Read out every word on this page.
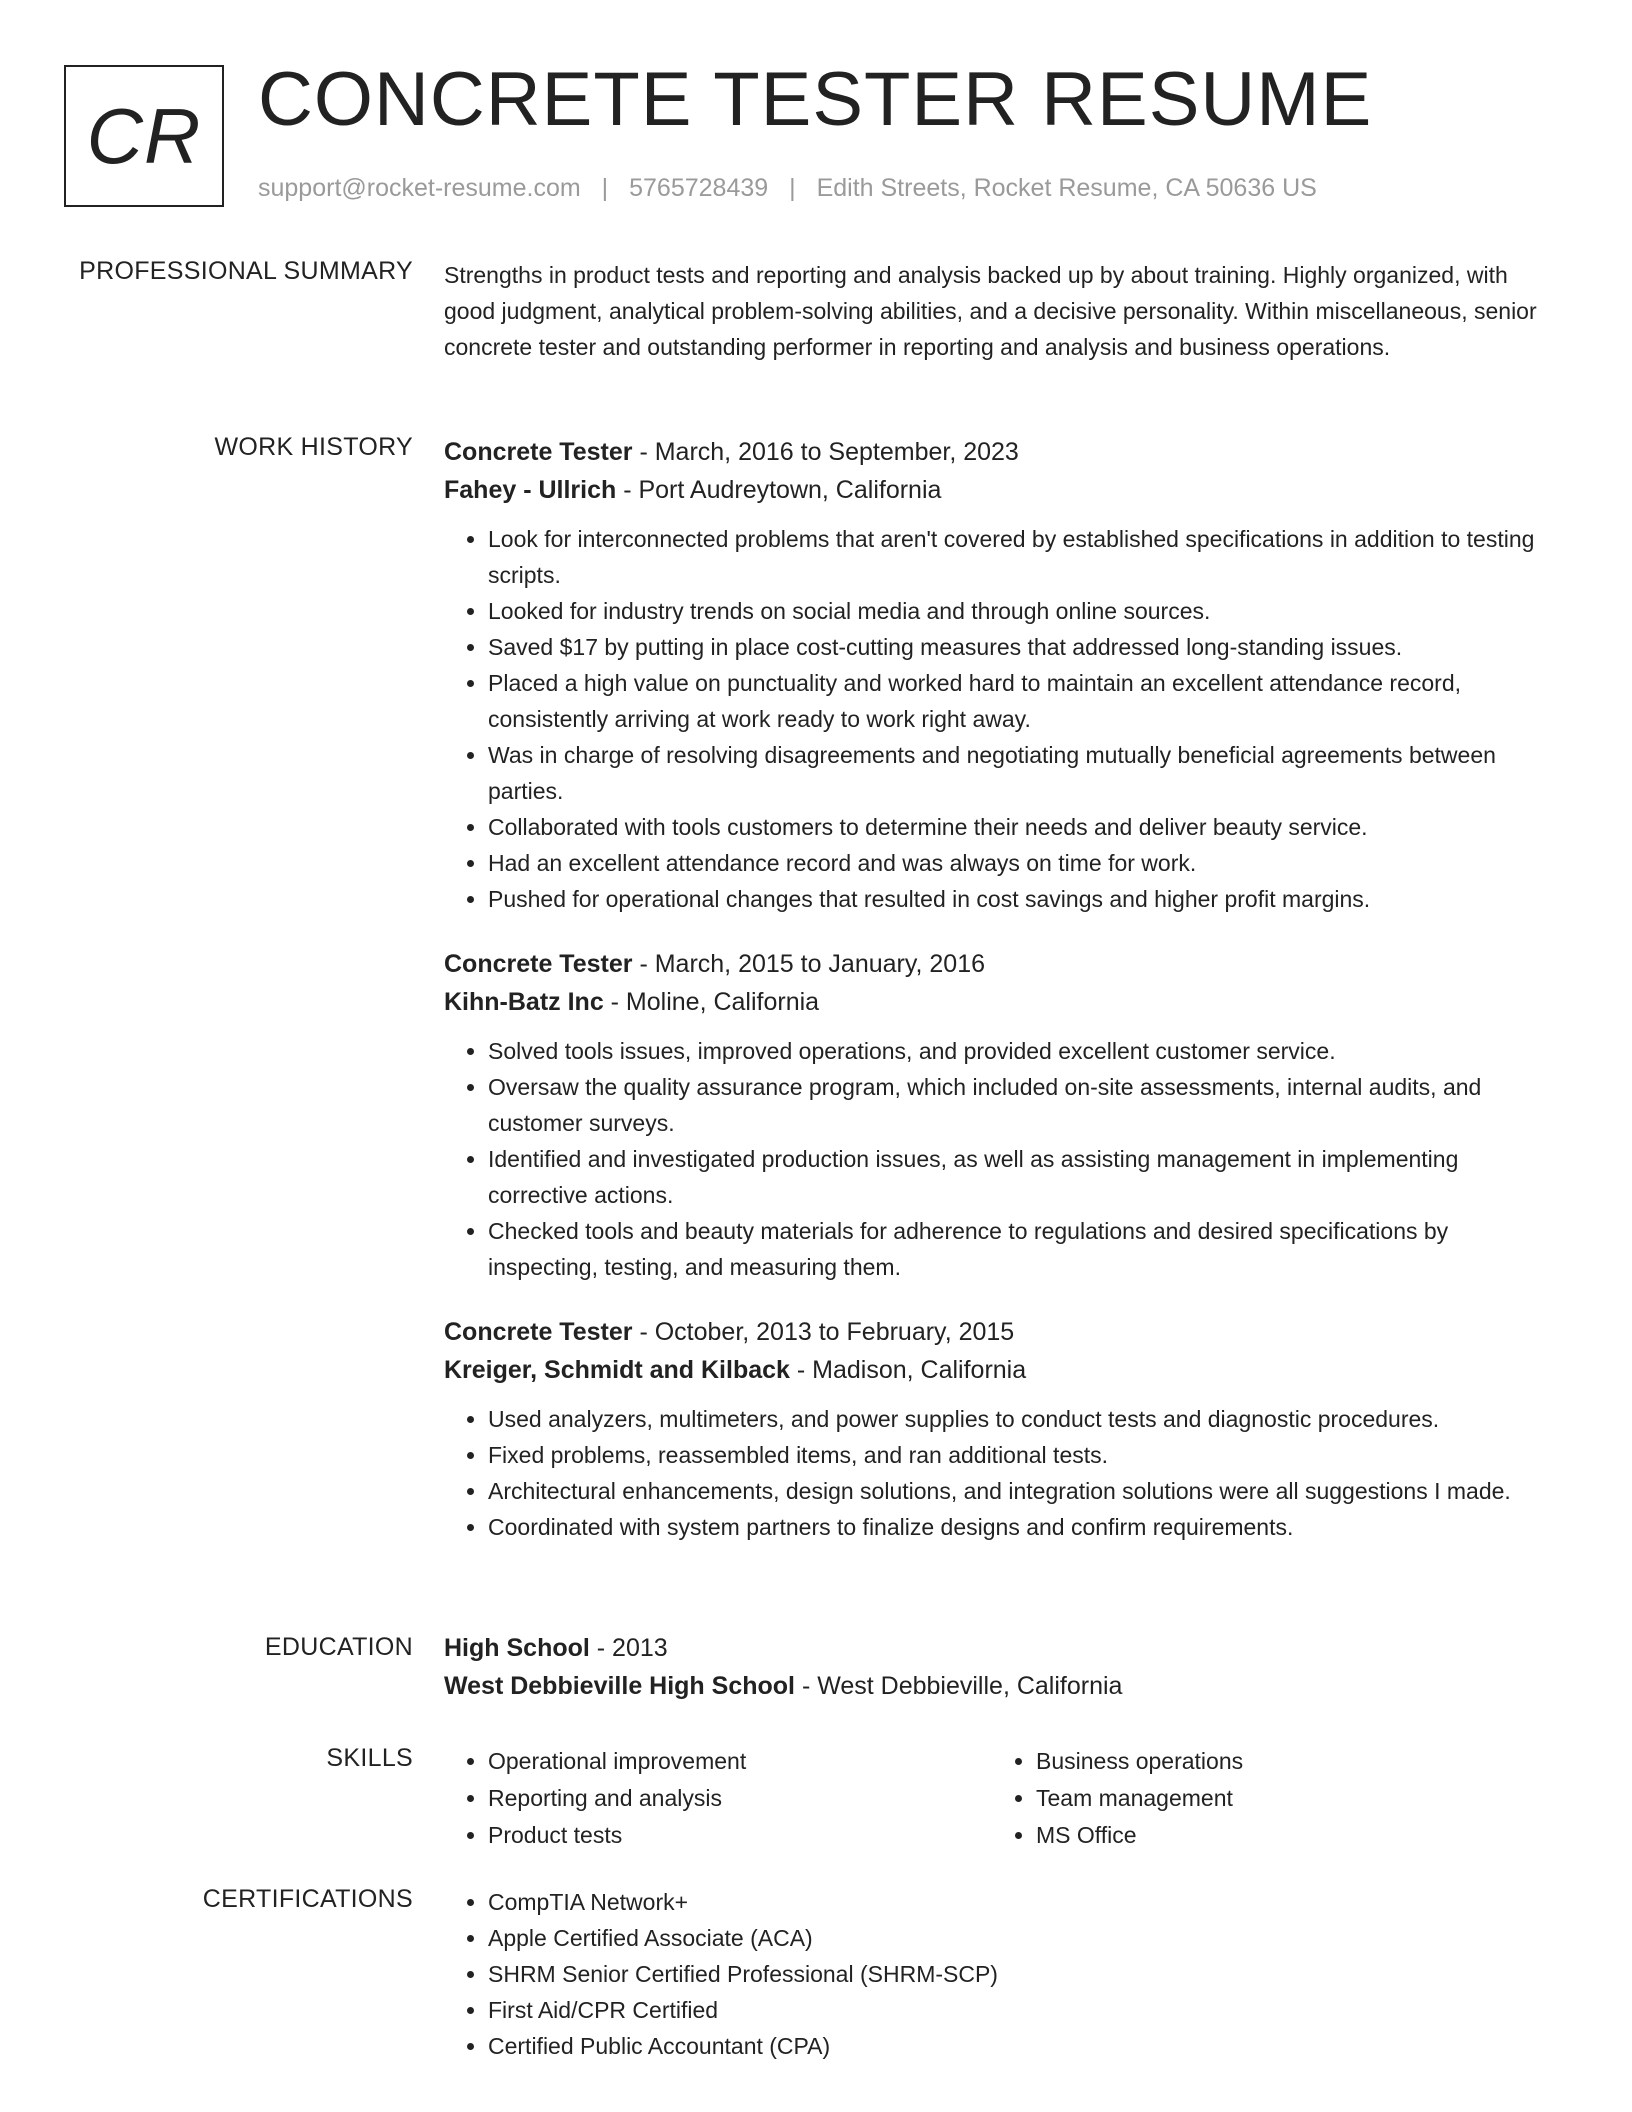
CR CONCRETE TESTER RESUME
support@rocket-resume.com | 5765728439 | Edith Streets, Rocket Resume, CA 50636 US
PROFESSIONAL SUMMARY Strengths in product tests and reporting and analysis backed up by about training. Highly organized, with good judgment, analytical problem-solving abilities, and a decisive personality. Within miscellaneous, senior concrete tester and outstanding performer in reporting and analysis and business operations.

WORK HISTORY Concrete Tester - March, 2016 to September, 2023
Fahey - Ullrich - Port Audreytown, California
• Look for interconnected problems that aren't covered by established specifications in addition to testing scripts.
• Looked for industry trends on social media and through online sources.
• Saved $17 by putting in place cost-cutting measures that addressed long-standing issues.
• Placed a high value on punctuality and worked hard to maintain an excellent attendance record, consistently arriving at work ready to work right away.
• Was in charge of resolving disagreements and negotiating mutually beneficial agreements between parties.
• Collaborated with tools customers to determine their needs and deliver beauty service.
• Had an excellent attendance record and was always on time for work.
• Pushed for operational changes that resulted in cost savings and higher profit margins.
Concrete Tester - March, 2015 to January, 2016
Kihn-Batz Inc - Moline, California
• Solved tools issues, improved operations, and provided excellent customer service.
• Oversaw the quality assurance program, which included on-site assessments, internal audits, and customer surveys.
• Identified and investigated production issues, as well as assisting management in implementing corrective actions.
• Checked tools and beauty materials for adherence to regulations and desired specifications by inspecting, testing, and measuring them.
Concrete Tester - October, 2013 to February, 2015
Kreiger, Schmidt and Kilback - Madison, California
• Used analyzers, multimeters, and power supplies to conduct tests and diagnostic procedures.
• Fixed problems, reassembled items, and ran additional tests.
• Architectural enhancements, design solutions, and integration solutions were all suggestions I made.
• Coordinated with system partners to finalize designs and confirm requirements.
EDUCATION High School - 2013
West Debbieville High School - West Debbieville, California
SKILLS	• Operational improvement
• Reporting and analysis
• Product tests
• Business operations
• Team management
• MS Office
CERTIFICATIONS	• CompTIA Network+
• Apple Certified Associate (ACA)
• SHRM Senior Certified Professional (SHRM-SCP)
• First Aid/CPR Certified
• Certified Public Accountant (CPA)
